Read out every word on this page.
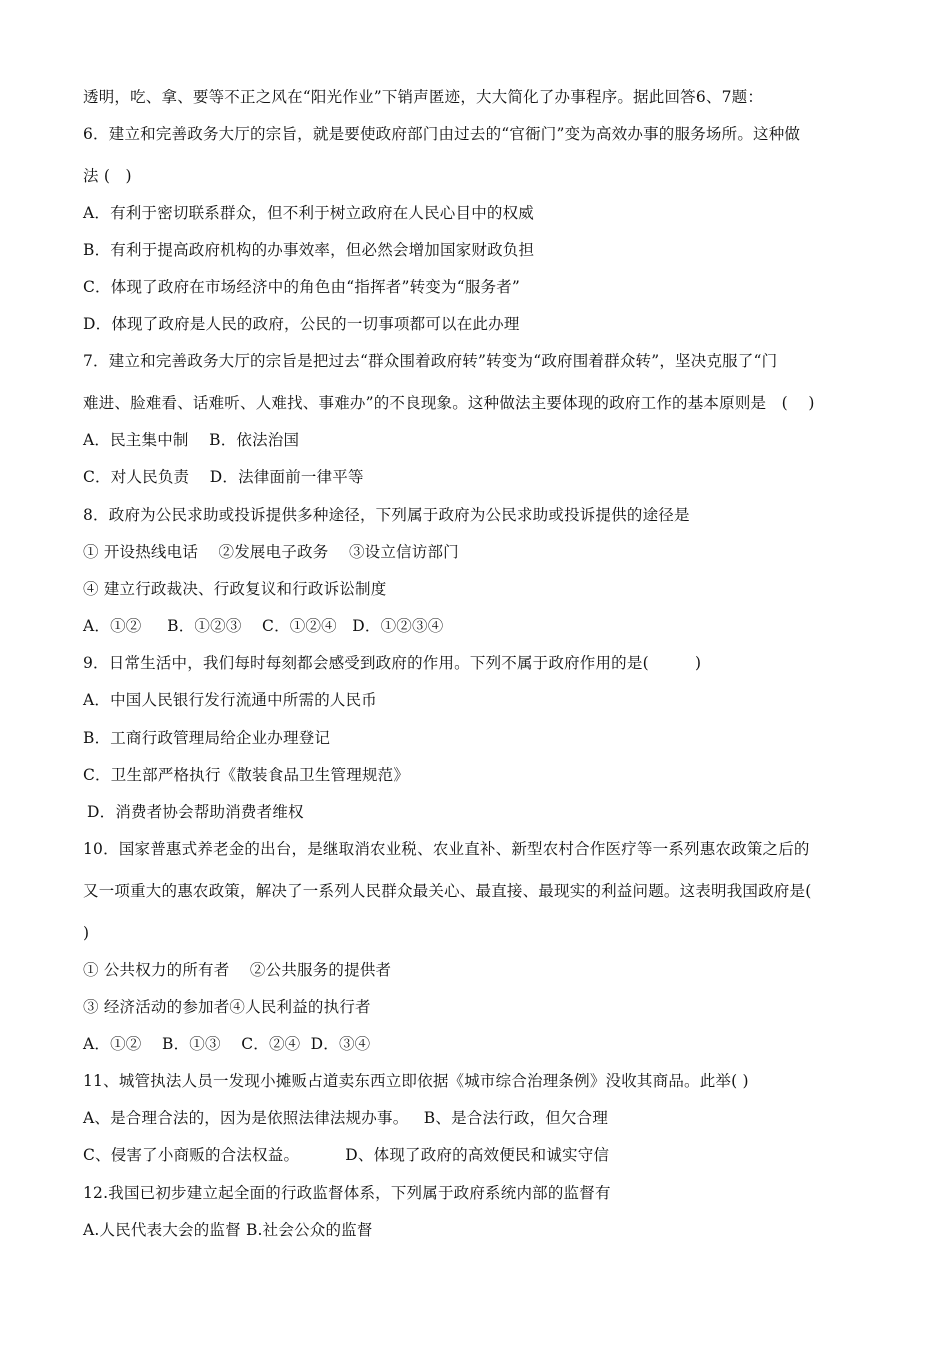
透明，吃、拿、要等不正之风在“阳光作业”下销声匿迹，大大简化了办事程序。据此回答6、7题：
6．建立和完善政务大厅的宗旨，就是要使政府部门由过去的“官衙门”变为高效办事的服务场所。这种做
法 (   )
A．有利于密切联系群众，但不利于树立政府在人民心目中的权威
B．有利于提高政府机构的办事效率，但必然会增加国家财政负担
C．体现了政府在市场经济中的角色由“指挥者”转变为“服务者”
D．体现了政府是人民的政府，公民的一切事项都可以在此办理
7．建立和完善政务大厅的宗旨是把过去“群众围着政府转”转变为“政府围着群众转”，坚决克服了“门
难进、脸难看、话难听、人难找、事难办”的不良现象。这种做法主要体现的政府工作的基本原则是   (    )
A．民主集中制    B．依法治国
C．对人民负责    D．法律面前一律平等
8．政府为公民求助或投诉提供多种途径，下列属于政府为公民求助或投诉提供的途径是
① 开设热线电话    ②发展电子政务    ③设立信访部门
④ 建立行政裁决、行政复议和行政诉讼制度
A．①②     B．①②③    C．①②④   D．①②③④
9．日常生活中，我们每时每刻都会感受到政府的作用。下列不属于政府作用的是(         )
A．中国人民银行发行流通中所需的人民币
B．工商行政管理局给企业办理登记
C．卫生部严格执行《散装食品卫生管理规范》
D．消费者协会帮助消费者维权
10．国家普惠式养老金的出台，是继取消农业税、农业直补、新型农村合作医疗等一系列惠农政策之后的
又一项重大的惠农政策，解决了一系列人民群众最关心、最直接、最现实的利益问题。这表明我国政府是(
)
① 公共权力的所有者    ②公共服务的提供者
③ 经济活动的参加者④人民利益的执行者
A．①②    B．①③    C．②④  D．③④
11、城管执法人员一发现小摊贩占道卖东西立即依据《城市综合治理条例》没收其商品。此举( )
A、是合理合法的，因为是依照法律法规办事。   B、是合法行政，但欠合理
C、侵害了小商贩的合法权益。         D、体现了政府的高效便民和诚实守信
12.我国已初步建立起全面的行政监督体系，下列属于政府系统内部的监督有
A.人民代表大会的监督 B.社会公众的监督
